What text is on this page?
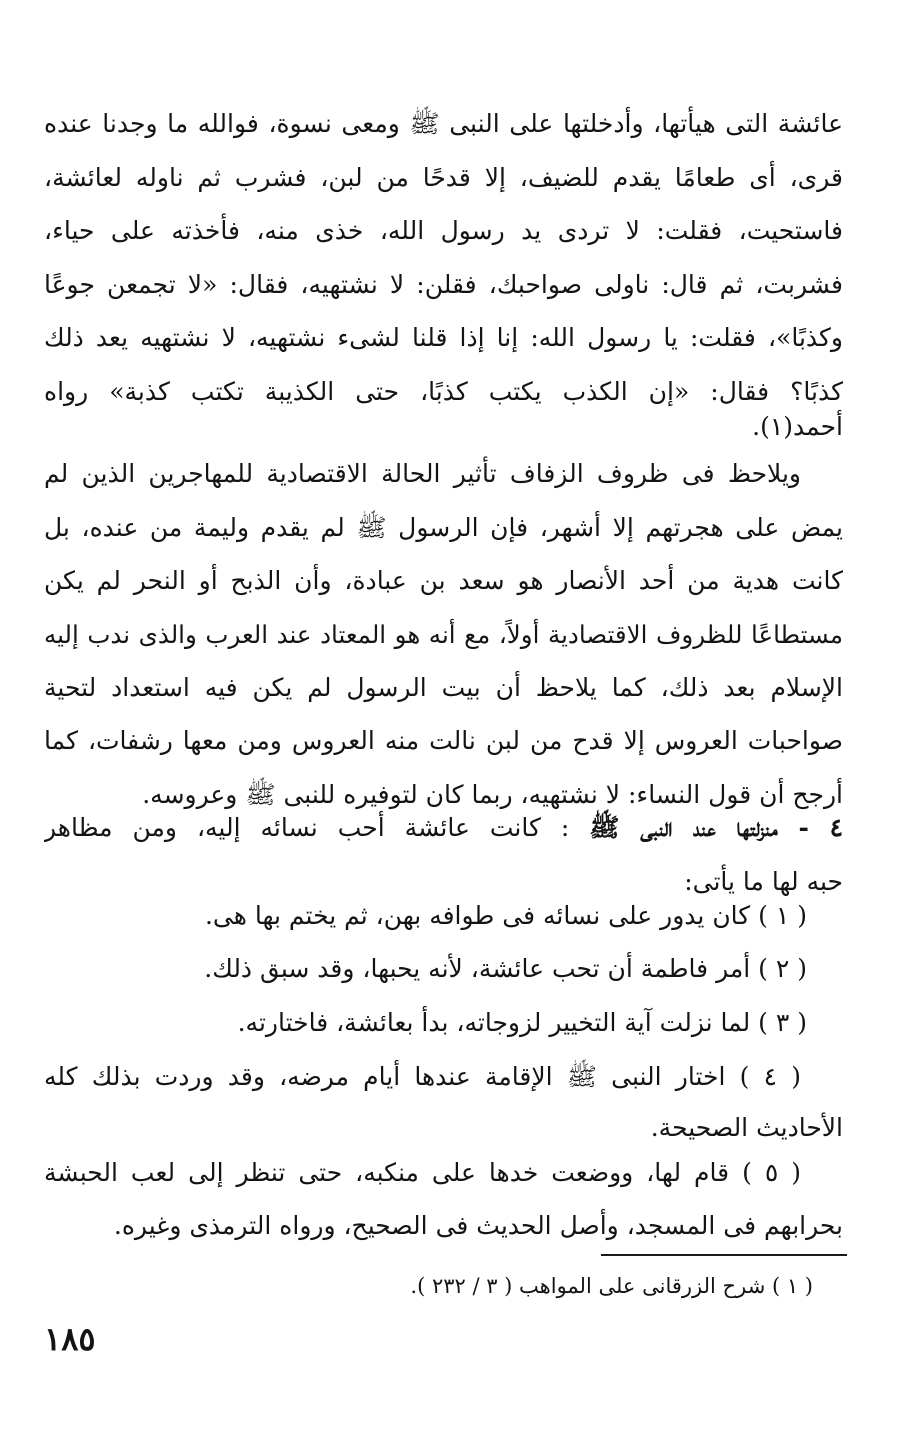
عائشة التى هيأتها، وأدخلتها على النبى ﷺ ومعى نسوة، فوالله ما وجدنا عنده
قرى، أى طعامًا يقدم للضيف، إلا قدحًا من لبن، فشرب ثم ناوله لعائشة،
فاستحيت، فقلت: لا تردى يد رسول الله، خذى منه، فأخذته على حياء،
فشربت، ثم قال: ناولى صواحبك، فقلن: لا نشتهيه، فقال: «لا تجمعن جوعًا
وكذبًا»، فقلت: يا رسول الله: إنا إذا قلنا لشىء نشتهيه، لا نشتهيه يعد ذلك
كذبًا؟ فقال: «إن الكذب يكتب كذبًا، حتى الكذيبة تكتب كذبة» رواه
أحمد(١).
ويلاحظ فى ظروف الزفاف تأثير الحالة الاقتصادية للمهاجرين الذين لم
يمض على هجرتهم إلا أشهر، فإن الرسول ﷺ لم يقدم وليمة من عنده، بل
كانت هدية من أحد الأنصار هو سعد بن عبادة، وأن الذبح أو النحر لم يكن
مستطاعًا للظروف الاقتصادية أولاً، مع أنه هو المعتاد عند العرب والذى ندب إليه
الإسلام بعد ذلك، كما يلاحظ أن بيت الرسول لم يكن فيه استعداد لتحية
صواحبات العروس إلا قدح من لبن نالت منه العروس ومن معها رشفات، كما
أرجح أن قول النساء: لا نشتهيه، ربما كان لتوفيره للنبى ﷺ وعروسه.
٤ - منزلتها عند النبى ﷺ : كانت عائشة أحب نسائه إليه، ومن مظاهر
حبه لها ما يأتى:
( ١ ) كان يدور على نسائه فى طوافه بهن، ثم يختم بها هى.
( ٢ ) أمر فاطمة أن تحب عائشة، لأنه يحبها، وقد سبق ذلك.
( ٣ ) لما نزلت آية التخيير لزوجاته، بدأ بعائشة، فاختارته.
( ٤ ) اختار النبى ﷺ الإقامة عندها أيام مرضه، وقد وردت بذلك كله
الأحاديث الصحيحة.
( ٥ ) قام لها، ووضعت خدها على منكبه، حتى تنظر إلى لعب الحبشة
بحرابهم فى المسجد، وأصل الحديث فى الصحيح، ورواه الترمذى وغيره.
( ١ ) شرح الزرقانى على المواهب ( ٣ / ٢٣٢ ).
١٨٥
